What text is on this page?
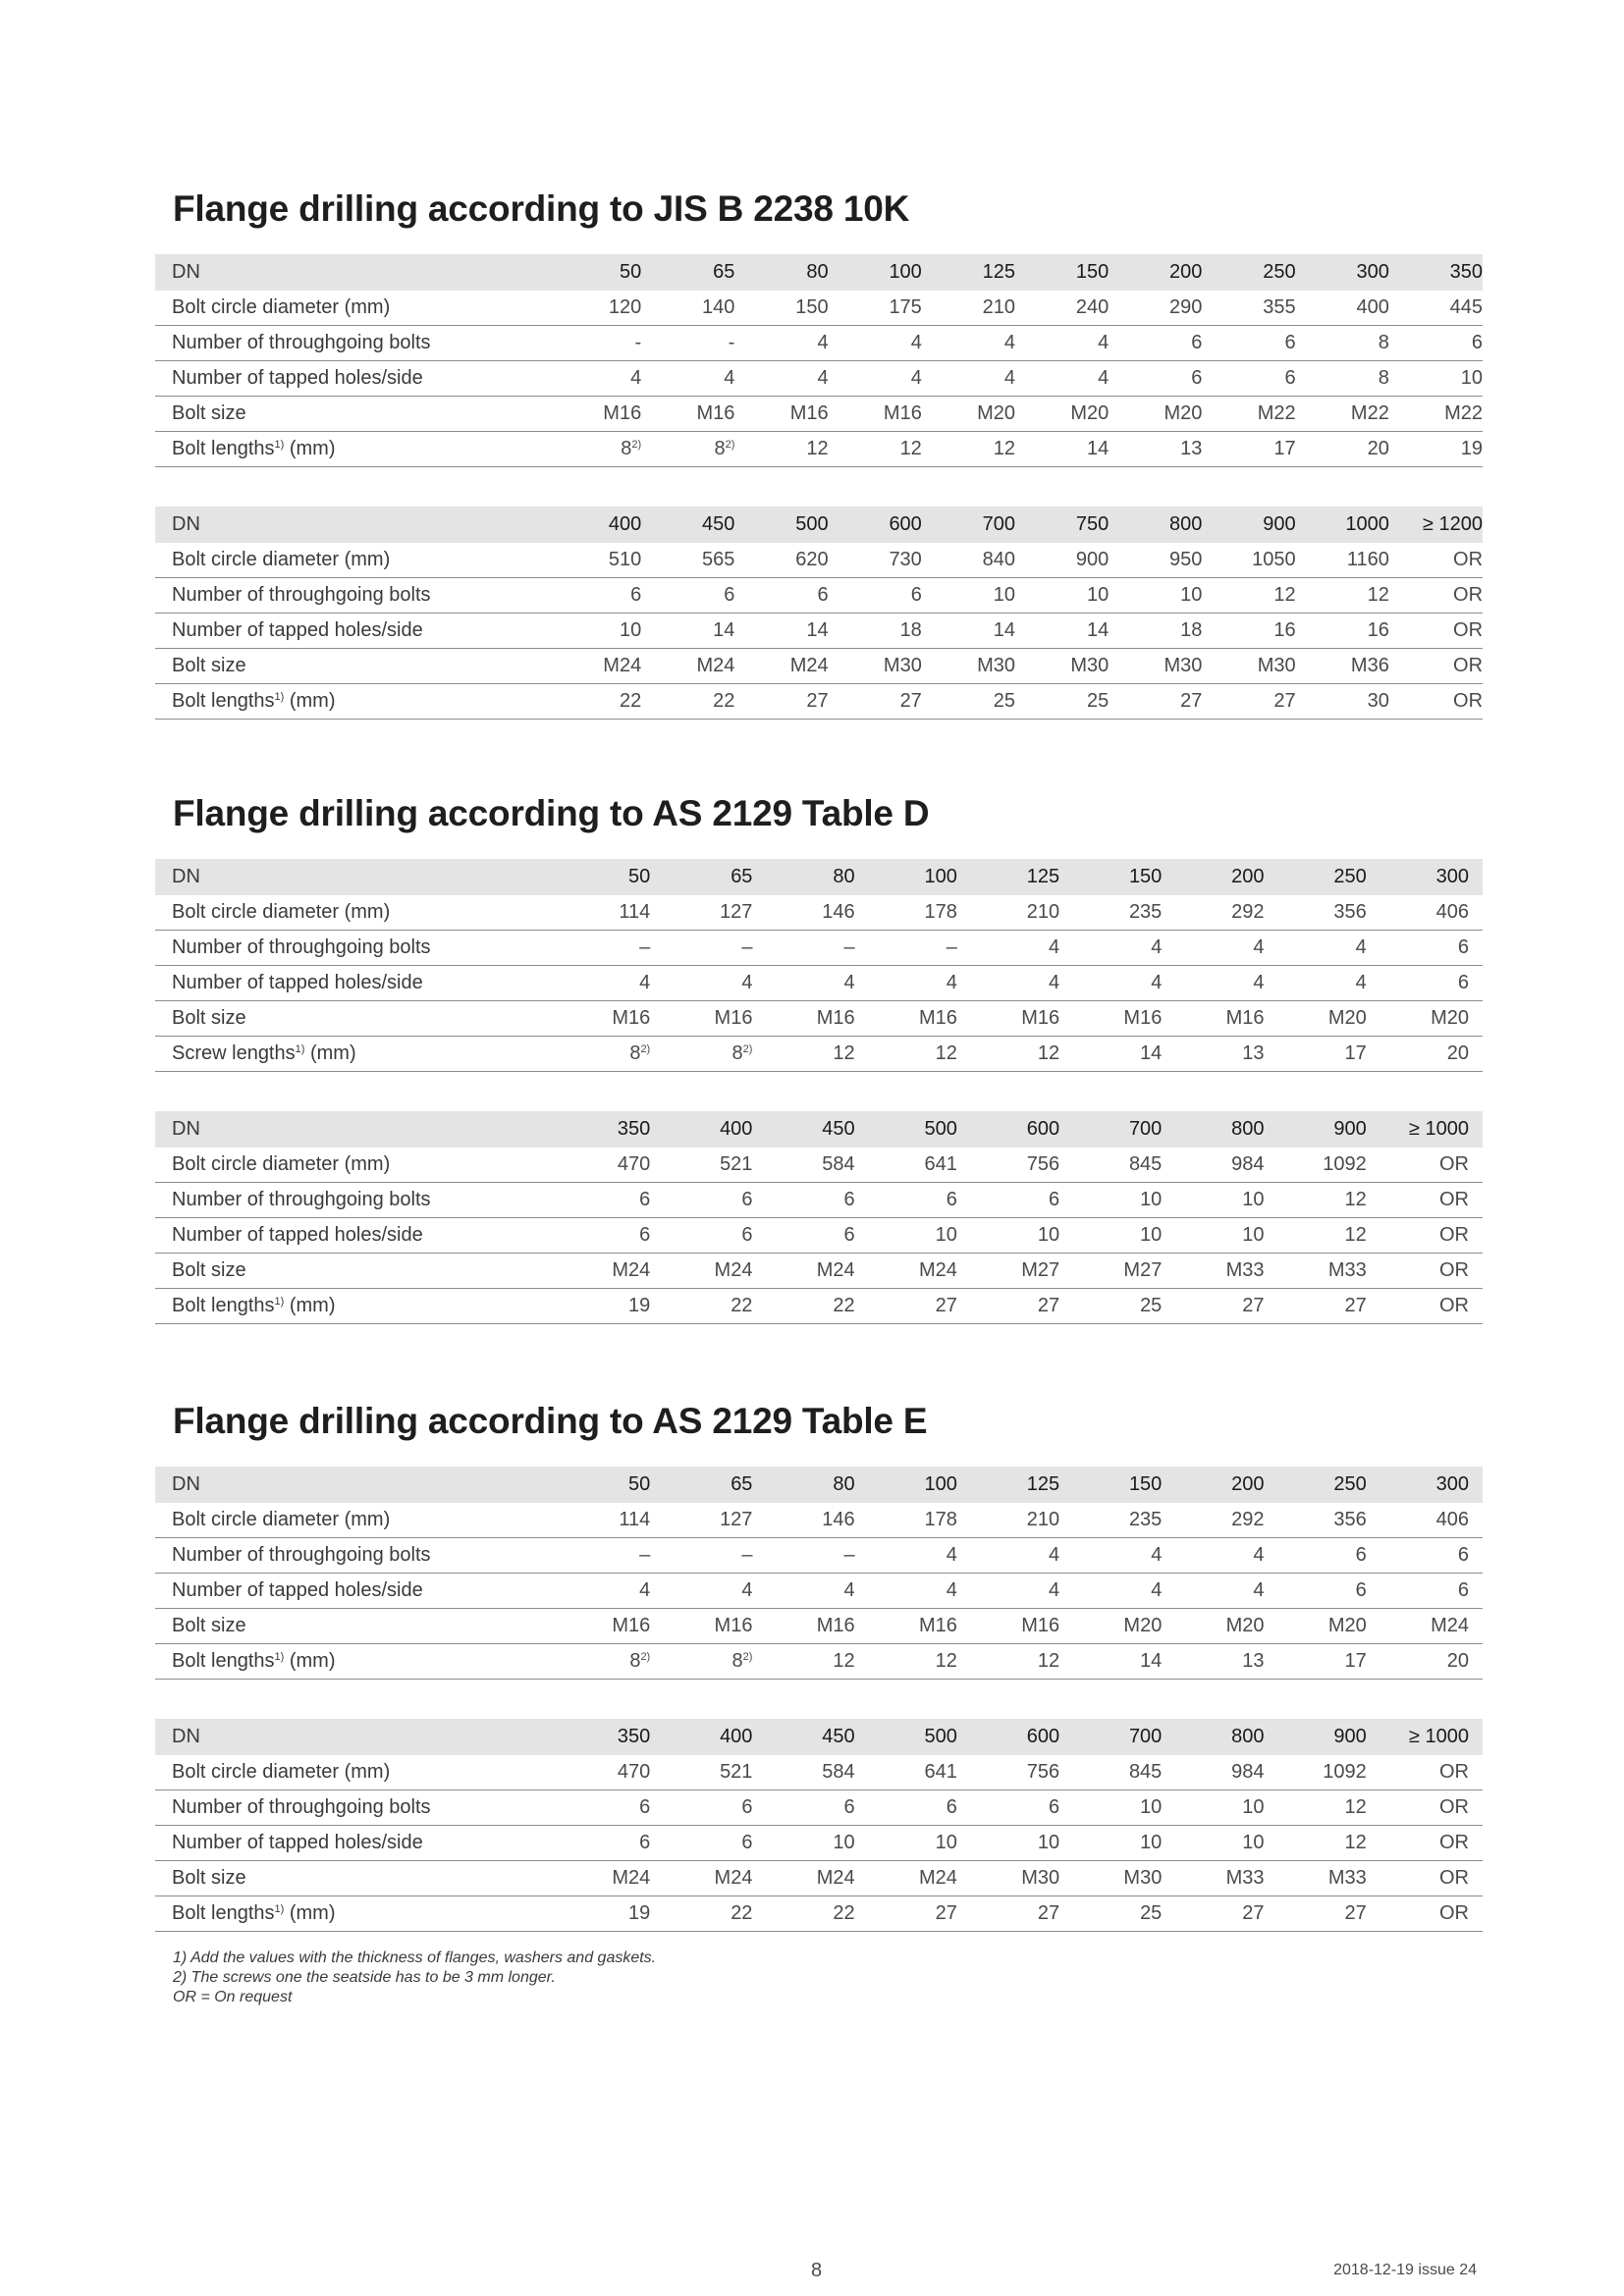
Flange drilling according to JIS B 2238 10K
DN	50	65	80	100	125	150	200	250	300	350
Bolt circle diameter (mm)	120	140	150	175	210	240	290	355	400	445
Number of throughgoing bolts	-	-	4	4	4	4	6	6	8	6
Number of tapped holes/side	4	4	4	4	4	4	6	6	8	10
Bolt size	M16	M16	M16	M16	M20	M20	M20	M22	M22	M22
Bolt lengths$^{1)}$ (mm)	8$^{2)}$	8$^{2)}$	12	12	12	14	13	17	20	19
DN	400	450	500	600	700	750	800	900	1000	≥ 1200
Bolt circle diameter (mm)	510	565	620	730	840	900	950	1050	1160	OR
Number of throughgoing bolts	6	6	6	6	10	10	10	12	12	OR
Number of tapped holes/side	10	14	14	18	14	14	18	16	16	OR
Bolt size	M24	M24	M24	M30	M30	M30	M30	M30	M36	OR
Bolt lengths$^{1)}$ (mm)	22	22	27	27	25	25	27	27	30	OR
Flange drilling according to AS 2129 Table D
DN	50	65	80	100	125	150	200	250	300
Bolt circle diameter (mm)	114	127	146	178	210	235	292	356	406
Number of throughgoing bolts	–	–	–	–	4	4	4	4	6
Number of tapped holes/side	4	4	4	4	4	4	4	4	6
Bolt size	M16	M16	M16	M16	M16	M16	M16	M20	M20
Screw lengths$^{1)}$ (mm)	8$^{2)}$	8$^{2)}$	12	12	12	14	13	17	20
DN	350	400	450	500	600	700	800	900	≥ 1000
Bolt circle diameter (mm)	470	521	584	641	756	845	984	1092	OR
Number of throughgoing bolts	6	6	6	6	6	10	10	12	OR
Number of tapped holes/side	6	6	6	10	10	10	10	12	OR
Bolt size	M24	M24	M24	M24	M27	M27	M33	M33	OR
Bolt lengths$^{1)}$ (mm)	19	22	22	27	27	25	27	27	OR
Flange drilling according to AS 2129 Table E
DN	50	65	80	100	125	150	200	250	300
Bolt circle diameter (mm)	114	127	146	178	210	235	292	356	406
Number of throughgoing bolts	–	–	–	4	4	4	4	6	6
Number of tapped holes/side	4	4	4	4	4	4	4	6	6
Bolt size	M16	M16	M16	M16	M16	M20	M20	M20	M24
Bolt lengths$^{1)}$ (mm)	8$^{2)}$	8$^{2)}$	12	12	12	14	13	17	20
DN	350	400	450	500	600	700	800	900	≥ 1000
Bolt circle diameter (mm)	470	521	584	641	756	845	984	1092	OR
Number of throughgoing bolts	6	6	6	6	6	10	10	12	OR
Number of tapped holes/side	6	6	10	10	10	10	10	12	OR
Bolt size	M24	M24	M24	M24	M30	M30	M33	M33	OR
Bolt lengths$^{1)}$ (mm)	19	22	22	27	27	25	27	27	OR
1) Add the values with the thickness of flanges, washers and gaskets.
2) The screws one the seatside has to be 3 mm longer.
OR = On request
8	2018-12-19 issue 24
